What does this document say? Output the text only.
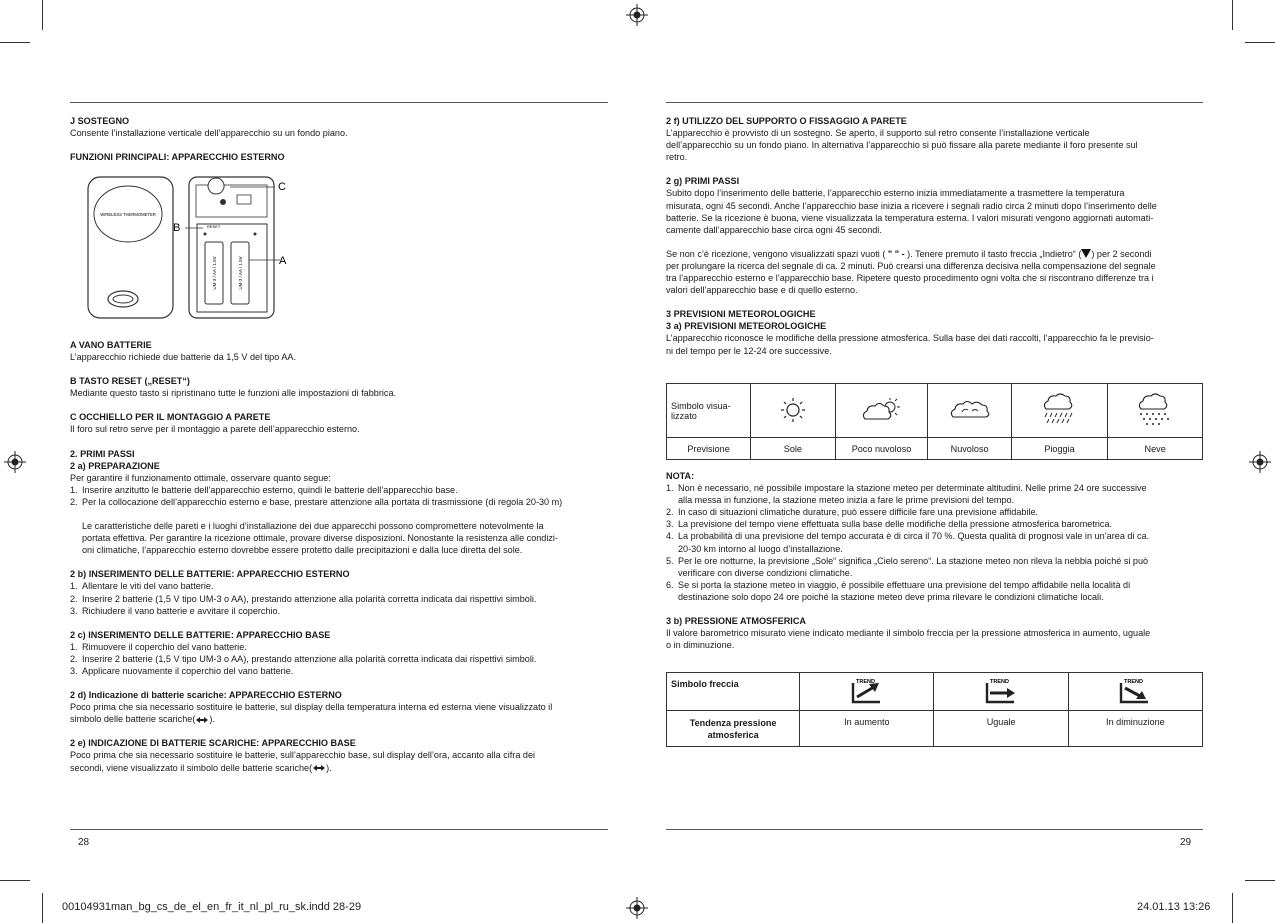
J SOSTEGNO

Consente l’installazione verticale dell’apparecchio su un fondo piano.

FUNZIONI PRINCIPALI: APPARECCHIO ESTERNO

WIRELESS THERMOMETER
RESET
UM-3 / AA / 1.5V	UM-3 / AA / 1.5V
C
B
A

A VANO BATTERIE

L’apparecchio richiede due batterie da 1,5 V del tipo AA.

B TASTO RESET („RESET“)

Mediante questo tasto si ripristinano tutte le funzioni alle impostazioni di fabbrica.

C OCCHIELLO PER IL MONTAGGIO A PARETE

Il foro sul retro serve per il montaggio a parete dell’apparecchio esterno.

2. PRIMI PASSI

2 a) PREPARAZIONE

Per garantire il funzionamento ottimale, osservare quanto segue:

1. Inserire anzitutto le batterie dell’apparecchio esterno, quindi le batterie dell’apparecchio base.
2. Per la collocazione dell’apparecchio esterno e base, prestare attenzione alla portata di trasmissione (di regola 20-30 m)

Le caratteristiche delle pareti e i luoghi d’installazione dei due apparecchi possono compromettere notevolmente la

portata effettiva. Per garantire la ricezione ottimale, provare diverse disposizioni. Nonostante la resistenza alle condizi-

oni climatiche, l’apparecchio esterno dovrebbe essere protetto dalle precipitazioni e dalla luce diretta del sole.

2 b) INSERIMENTO DELLE BATTERIE: APPARECCHIO ESTERNO

1. Allentare le viti del vano batterie.
2. Inserire 2 batterie (1,5 V tipo UM-3 o AA), prestando attenzione alla polarità corretta indicata dai rispettivi simboli.
3. Richiudere il vano batterie e avvitare il coperchio.

2 c) INSERIMENTO DELLE BATTERIE: APPARECCHIO BASE

1. Rimuovere il coperchio del vano batterie.
2. Inserire 2 batterie (1,5 V tipo UM-3 o AA), prestando attenzione alla polarità corretta indicata dai rispettivi simboli.
3. Applicare nuovamente il coperchio del vano batterie.

2 d) Indicazione di batterie scariche: APPARECCHIO ESTERNO

Poco prima che sia necessario sostituire le batterie, sul display della temperatura interna ed esterna viene visualizzato il

simbolo delle batterie scariche( ).

2 e) INDICAZIONE DI BATTERIE SCARICHE: APPARECCHIO BASE

Poco prima che sia necessario sostituire le batterie, sull’apparecchio base, sul display dell’ora, accanto alla cifra dei

secondi, viene visualizzato il simbolo delle batterie scariche( ).

28

2 f) UTILIZZO DEL SUPPORTO O FISSAGGIO A PARETE

L’apparecchio è provvisto di un sostegno. Se aperto, il supporto sul retro consente l’installazione verticale

dell’apparecchio su un fondo piano. In alternativa l’apparecchio si può fissare alla parete mediante il foro presente sul

retro.

2 g) PRIMI PASSI

Subito dopo l’inserimento delle batterie, l’apparecchio esterno inizia immediatamente a trasmettere la temperatura

misurata, ogni 45 secondi. Anche l’apparecchio base inizia a ricevere i segnali radio circa 2 minuti dopo l’inserimento delle

batterie. Se la ricezione è buona, viene visualizzata la temperatura esterna. I valori misurati vengono aggiornati automati-

camente dall’apparecchio base circa ogni 45 secondi.

Se non c’è ricezione, vengono visualizzati spazi vuoti ( " " - ). Tenere premuto il tasto freccia „Indietro“ ( ) per 2 secondi

per prolungare la ricerca del segnale di ca. 2 minuti. Può crearsi una differenza decisiva nella compensazione del segnale

tra l’apparecchio esterno e l’apparecchio base. Ripetere questo procedimento ogni volta che si riscontrano differenze tra i

valori dell’apparecchio base e di quello esterno.

3 PREVISIONI METEOROLOGICHE

3 a) PREVISIONI METEOROLOGICHE

L’apparecchio riconosce le modifiche della pressione atmosferica. Sulla base dei dati raccolti, l’apparecchio fa le previsio-

ni del tempo per le 12-24 ore successive.

Simbolo visua-
lizzato					
Previsione	Sole	Poco nuvoloso	Nuvoloso	Pioggia	Neve

NOTA:

1. Non è necessario, né possibile impostare la stazione meteo per determinate altitudini. Nelle prime 24 ore successive
alla messa in funzione, la stazione meteo inizia a fare le prime previsioni del tempo.
2. In caso di situazioni climatiche durature, può essere difficile fare una previsione affidabile.
3. La previsione del tempo viene effettuata sulla base delle modifiche della pressione atmosferica barometrica.
4. La probabilità di una previsione del tempo accurata è di circa il 70 %. Questa qualità di prognosi vale in un’area di ca.
20-30 km intorno al luogo d’installazione.
5. Per le ore notturne, la previsione „Sole“ significa „Cielo sereno“. La stazione meteo non rileva la nebbia poiché si può
verificare con diverse condizioni climatiche.
6. Se si porta la stazione meteo in viaggio, è possibile effettuare una previsione del tempo affidabile nella località di
destinazione solo dopo 24 ore poiché la stazione meteo deve prima rilevare le condizioni climatiche locali.

3 b) PRESSIONE ATMOSFERICA

Il valore barometrico misurato viene indicato mediante il simbolo freccia per la pressione atmosferica in aumento, uguale

o in diminuzione.

Simbolo freccia	TREND	TREND	TREND

Tendenza pressione
atmosferica	In aumento	Uguale	In diminuzione
29
00104931man_bg_cs_de_el_en_fr_it_nl_pl_ru_sk.indd 28-29	24.01.13 13:26
